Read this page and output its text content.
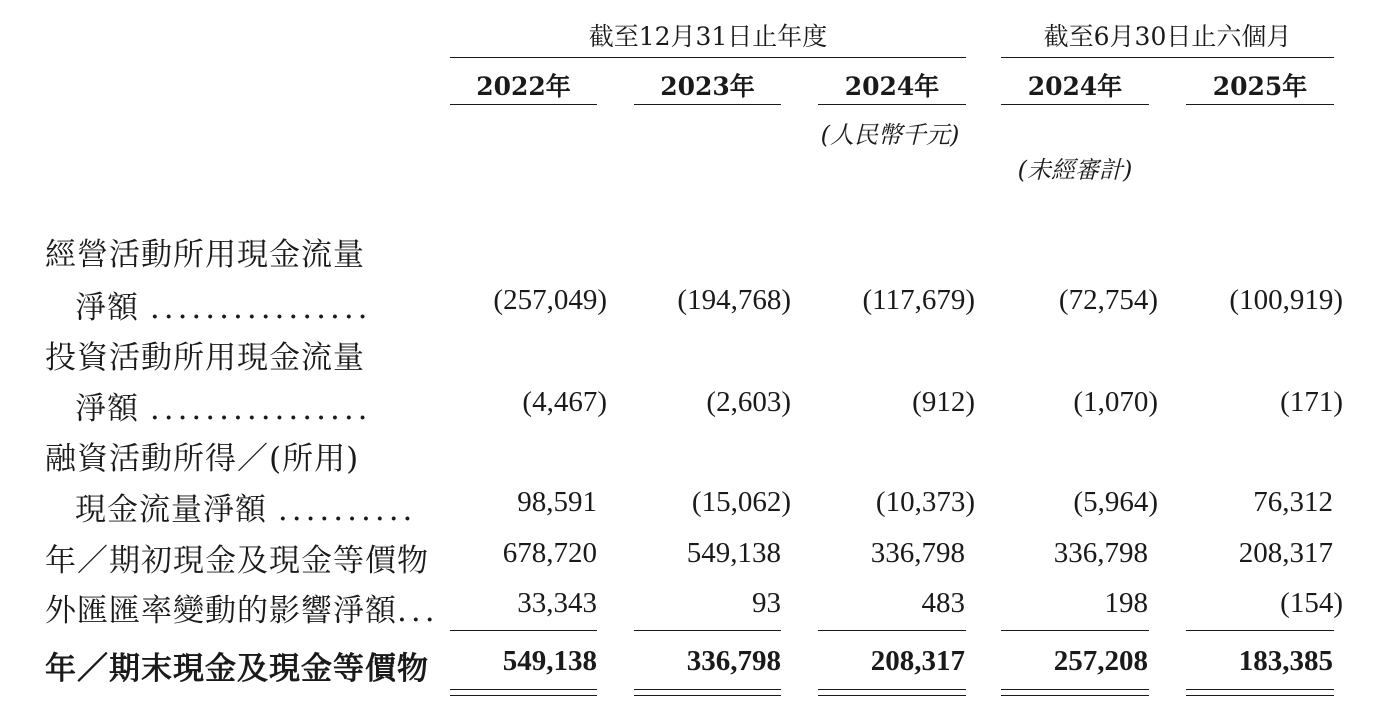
截至12月31日止年度	截至6月30日止六個月
2022年	2023年	2024年	2024年	2025年
(人民幣千元)
(未經審計)
經營活動所用現金流量
淨額 ................	(257,049) (194,768) (117,679)	(72,754) (100,919)
投資活動所用現金流量
淨額 ................	(4,467)	(2,603)	(912)	(1,070)	(171)
融資活動所得／(所用)
現金流量淨額 ..........	98,591	(15,062)	(10,373)	(5,964)	76,312
年／期初現金及現金等價物	678,720	549,138	336,798	336,798	208,317
外匯匯率變動的影響淨額...	33,343	93	483	198	(154)
年／期末現金及現金等價物	549,138	336,798	208,317	257,208	183,385
